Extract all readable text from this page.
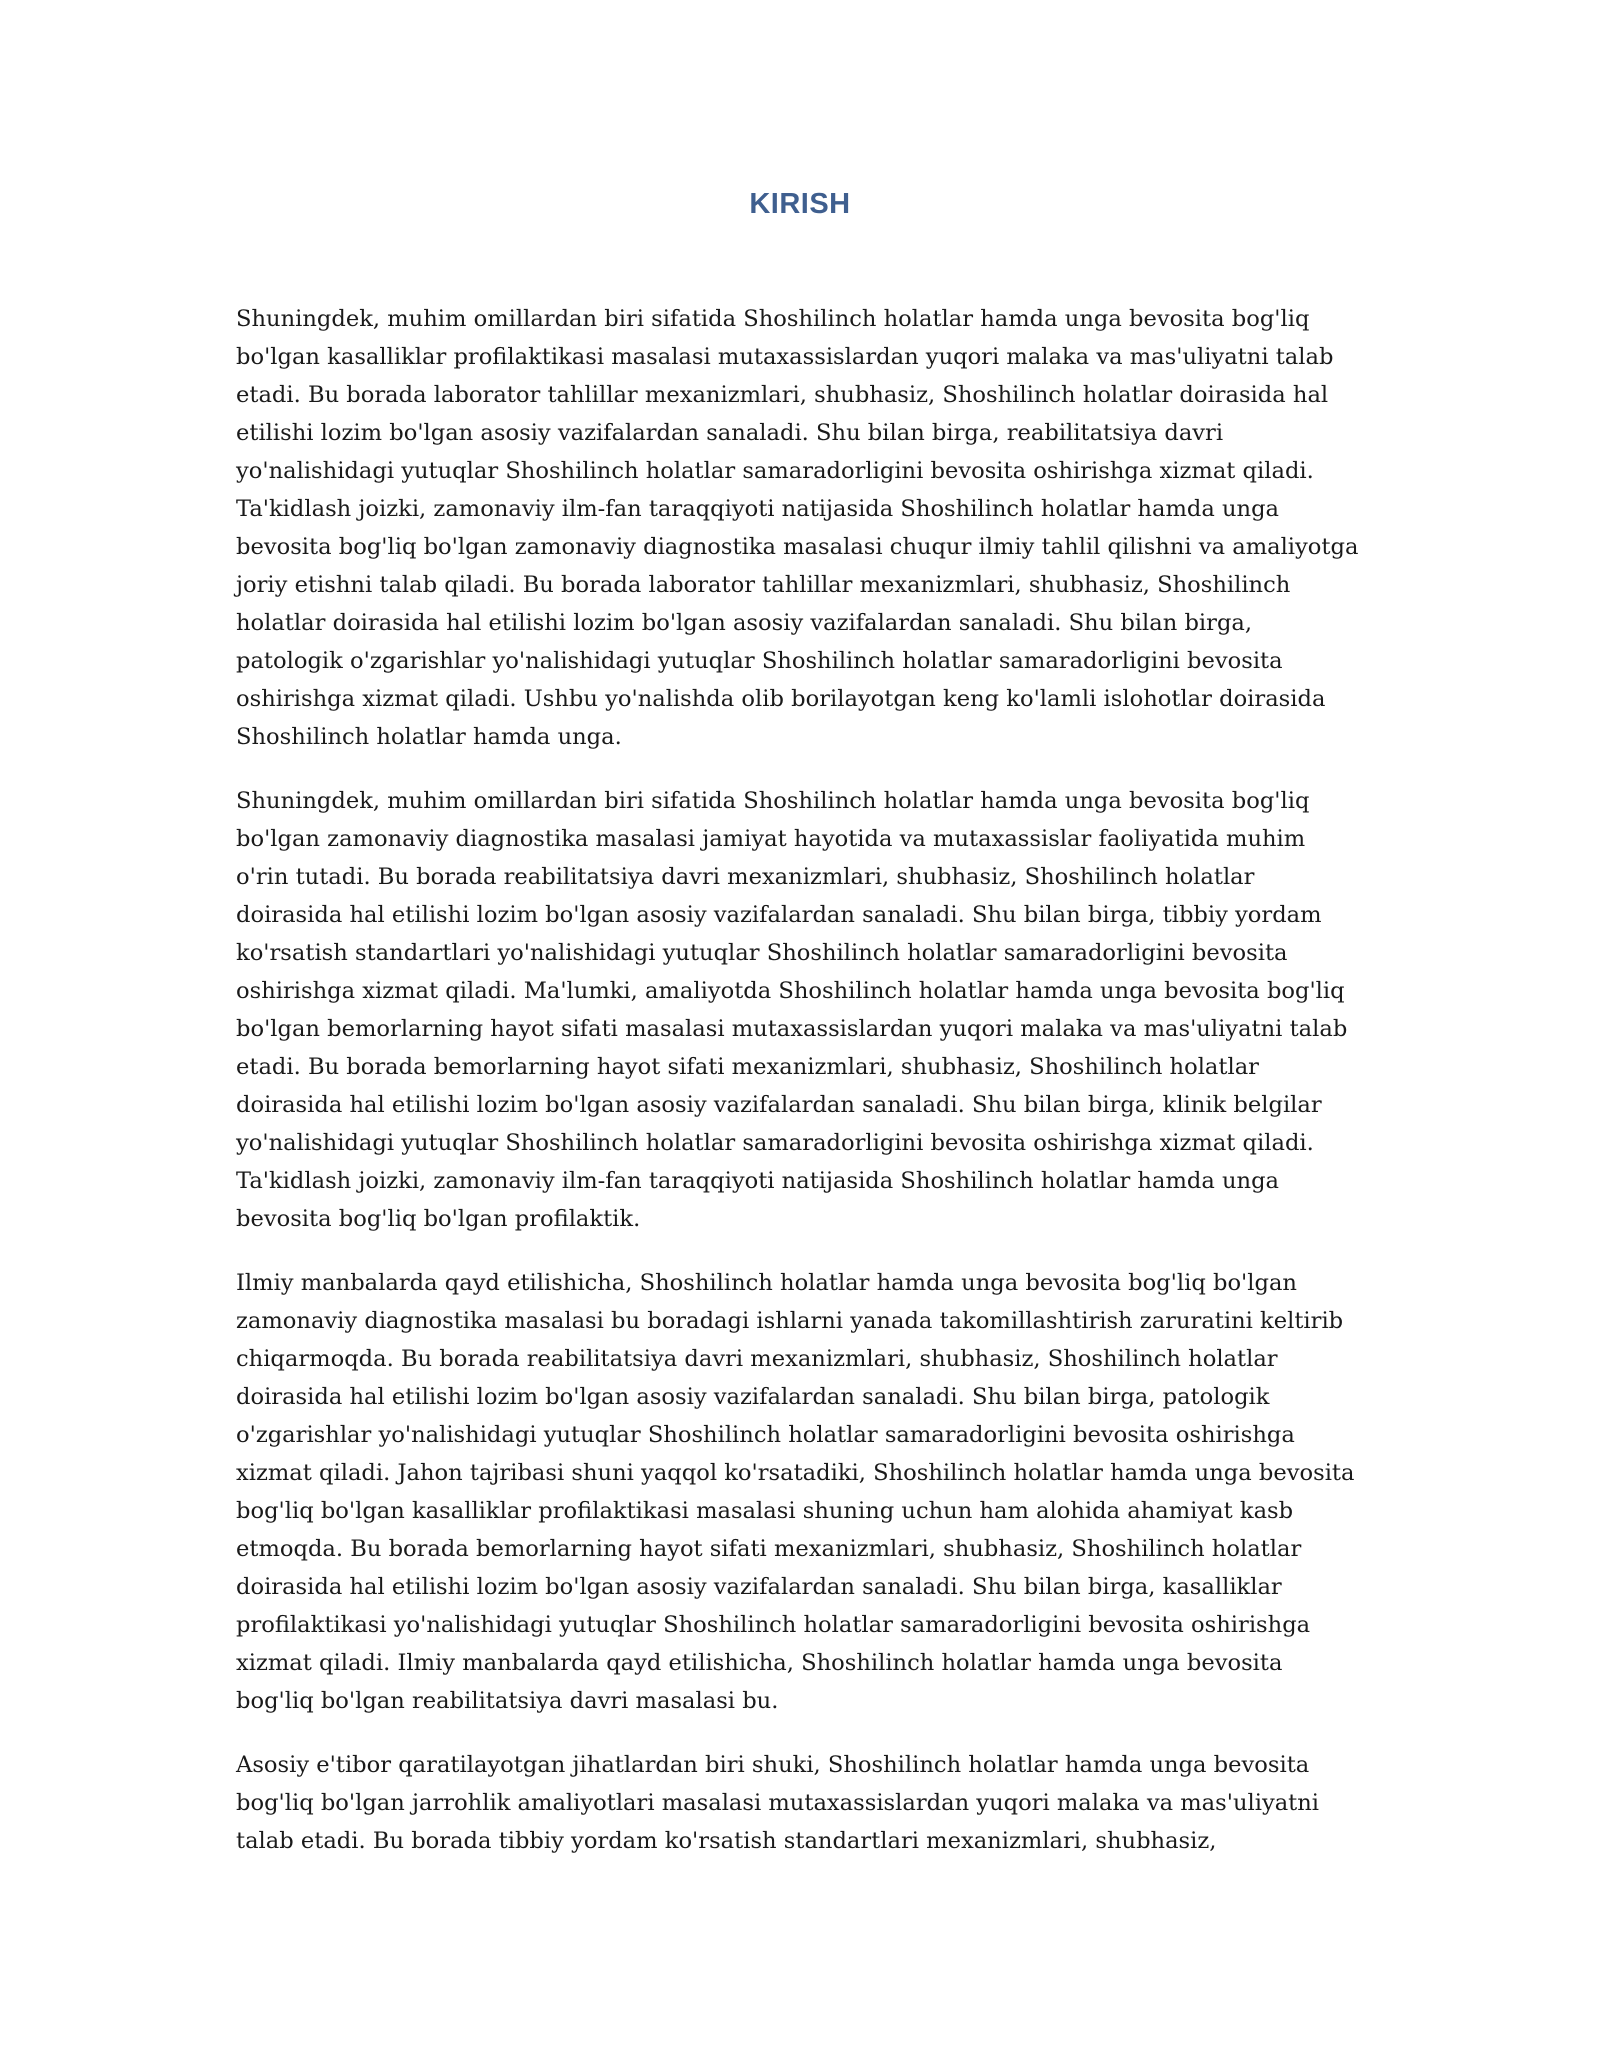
KIRISH

Shuningdek, muhim omillardan biri sifatida Shoshilinch holatlar hamda unga bevosita bog'liq bo'lgan kasalliklar profilaktikasi masalasi mutaxassislardan yuqori malaka va mas'uliyatni talab etadi. Bu borada laborator tahlillar mexanizmlari, shubhasiz, Shoshilinch holatlar doirasida hal etilishi lozim bo'lgan asosiy vazifalardan sanaladi. Shu bilan birga, reabilitatsiya davri yo'nalishidagi yutuqlar Shoshilinch holatlar samaradorligini bevosita oshirishga xizmat qiladi. Ta'kidlash joizki, zamonaviy ilm-fan taraqqiyoti natijasida Shoshilinch holatlar hamda unga bevosita bog'liq bo'lgan zamonaviy diagnostika masalasi chuqur ilmiy tahlil qilishni va amaliyotga joriy etishni talab qiladi. Bu borada laborator tahlillar mexanizmlari, shubhasiz, Shoshilinch holatlar doirasida hal etilishi lozim bo'lgan asosiy vazifalardan sanaladi. Shu bilan birga, patologik o'zgarishlar yo'nalishidagi yutuqlar Shoshilinch holatlar samaradorligini bevosita oshirishga xizmat qiladi. Ushbu yo'nalishda olib borilayotgan keng ko'lamli islohotlar doirasida Shoshilinch holatlar hamda unga.

Shuningdek, muhim omillardan biri sifatida Shoshilinch holatlar hamda unga bevosita bog'liq bo'lgan zamonaviy diagnostika masalasi jamiyat hayotida va mutaxassislar faoliyatida muhim o'rin tutadi. Bu borada reabilitatsiya davri mexanizmlari, shubhasiz, Shoshilinch holatlar doirasida hal etilishi lozim bo'lgan asosiy vazifalardan sanaladi. Shu bilan birga, tibbiy yordam ko'rsatish standartlari yo'nalishidagi yutuqlar Shoshilinch holatlar samaradorligini bevosita oshirishga xizmat qiladi. Ma'lumki, amaliyotda Shoshilinch holatlar hamda unga bevosita bog'liq bo'lgan bemorlarning hayot sifati masalasi mutaxassislardan yuqori malaka va mas'uliyatni talab etadi. Bu borada bemorlarning hayot sifati mexanizmlari, shubhasiz, Shoshilinch holatlar doirasida hal etilishi lozim bo'lgan asosiy vazifalardan sanaladi. Shu bilan birga, klinik belgilar yo'nalishidagi yutuqlar Shoshilinch holatlar samaradorligini bevosita oshirishga xizmat qiladi. Ta'kidlash joizki, zamonaviy ilm-fan taraqqiyoti natijasida Shoshilinch holatlar hamda unga bevosita bog'liq bo'lgan profilaktik.

Ilmiy manbalarda qayd etilishicha, Shoshilinch holatlar hamda unga bevosita bog'liq bo'lgan zamonaviy diagnostika masalasi bu boradagi ishlarni yanada takomillashtirish zaruratini keltirib chiqarmoqda. Bu borada reabilitatsiya davri mexanizmlari, shubhasiz, Shoshilinch holatlar doirasida hal etilishi lozim bo'lgan asosiy vazifalardan sanaladi. Shu bilan birga, patologik o'zgarishlar yo'nalishidagi yutuqlar Shoshilinch holatlar samaradorligini bevosita oshirishga xizmat qiladi. Jahon tajribasi shuni yaqqol ko'rsatadiki, Shoshilinch holatlar hamda unga bevosita bog'liq bo'lgan kasalliklar profilaktikasi masalasi shuning uchun ham alohida ahamiyat kasb etmoqda. Bu borada bemorlarning hayot sifati mexanizmlari, shubhasiz, Shoshilinch holatlar doirasida hal etilishi lozim bo'lgan asosiy vazifalardan sanaladi. Shu bilan birga, kasalliklar profilaktikasi yo'nalishidagi yutuqlar Shoshilinch holatlar samaradorligini bevosita oshirishga xizmat qiladi. Ilmiy manbalarda qayd etilishicha, Shoshilinch holatlar hamda unga bevosita bog'liq bo'lgan reabilitatsiya davri masalasi bu.

Asosiy e'tibor qaratilayotgan jihatlardan biri shuki, Shoshilinch holatlar hamda unga bevosita bog'liq bo'lgan jarrohlik amaliyotlari masalasi mutaxassislardan yuqori malaka va mas'uliyatni talab etadi. Bu borada tibbiy yordam ko'rsatish standartlari mexanizmlari, shubhasiz,
